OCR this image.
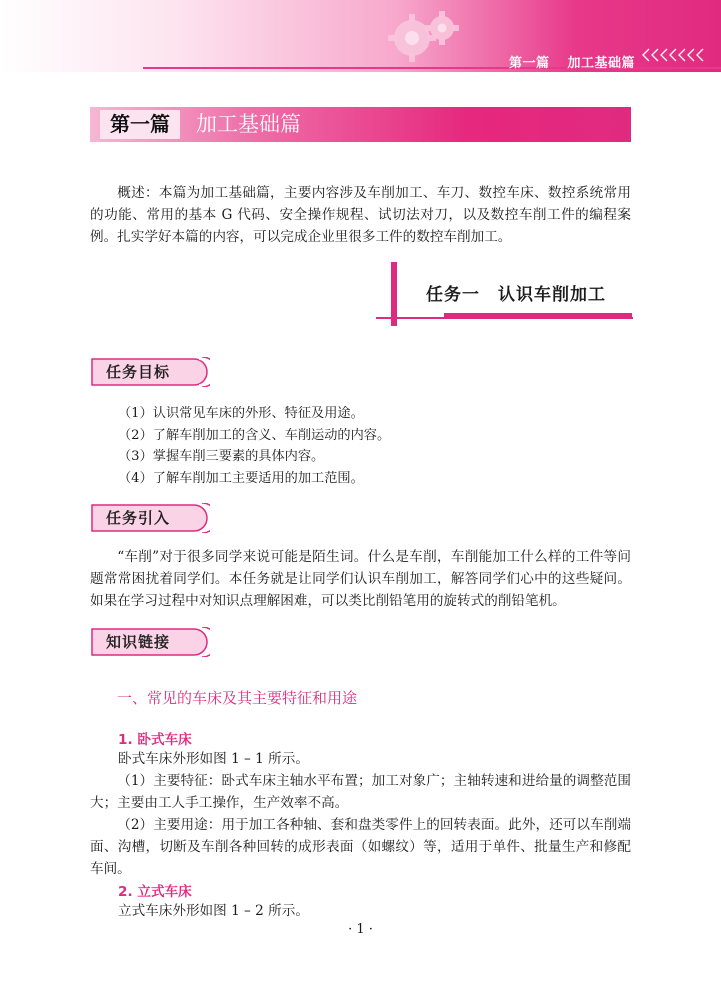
第一篇 加工基础篇
第一篇	加工基础篇

概述：本篇为加工基础篇，主要内容涉及车削加工、车刀、数控车床、数控系统常用的功能、常用的基本 G 代码、安全操作规程、试切法对刀，以及数控车削工件的编程案例。扎实学好本篇的内容，可以完成企业里很多工件的数控车削加工。

任务一　认识车削加工
任务目标
（1）认识常见车床的外形、特征及用途。
（2）了解车削加工的含义、车削运动的内容。
（3）掌握车削三要素的具体内容。
（4）了解车削加工主要适用的加工范围。
任务引入

“车削”对于很多同学来说可能是陌生词。什么是车削，车削能加工什么样的工件等问题常常困扰着同学们。本任务就是让同学们认识车削加工，解答同学们心中的这些疑问。如果在学习过程中对知识点理解困难，可以类比削铅笔用的旋转式的削铅笔机。

知识链接
一、常见的车床及其主要特征和用途
1. 卧式车床
卧式车床外形如图 1 – 1 所示。

（1）主要特征：卧式车床主轴水平布置；加工对象广；主轴转速和进给量的调整范围大；主要由工人手工操作，生产效率不高。

（2）主要用途：用于加工各种轴、套和盘类零件上的回转表面。此外，还可以车削端面、沟槽，切断及车削各种回转的成形表面（如螺纹）等，适用于单件、批量生产和修配车间。

2. 立式车床
立式车床外形如图 1 – 2 所示。
· 1 ·
